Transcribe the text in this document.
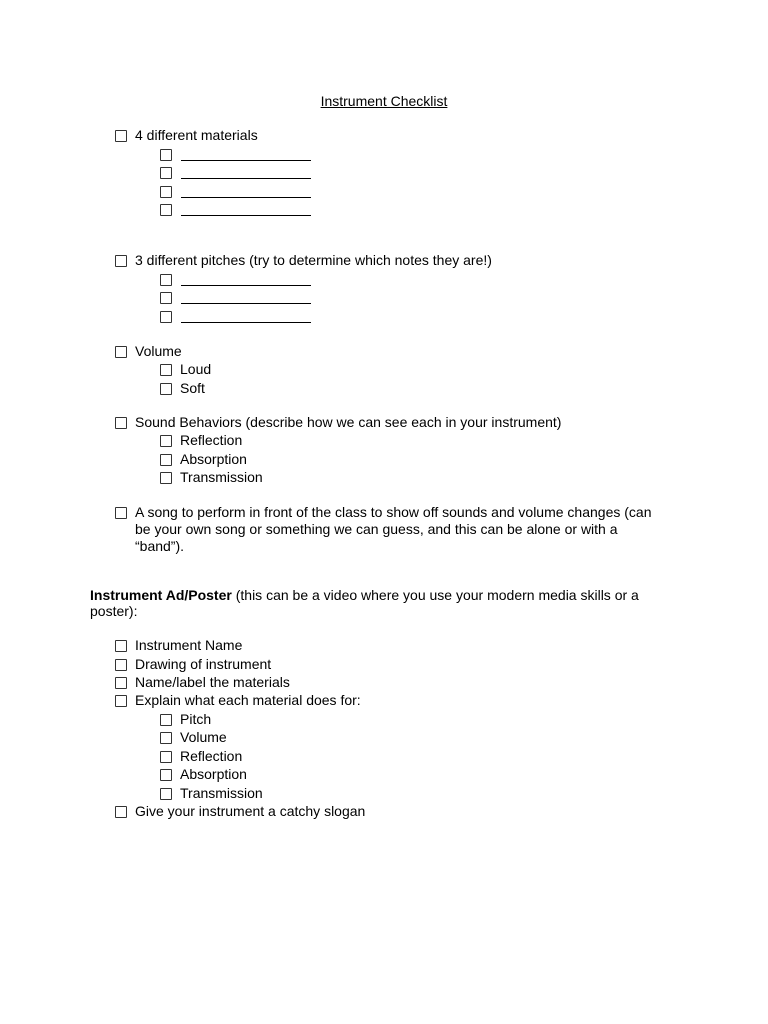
Instrument Checklist
4 different materials
3 different pitches (try to determine which notes they are!)
Volume
Loud
Soft
Sound Behaviors (describe how we can see each in your instrument)
Reflection
Absorption
Transmission
A song to perform in front of the class to show off sounds and volume changes (can be your own song or something we can guess, and this can be alone or with a “band”).
Instrument Ad/Poster (this can be a video where you use your modern media skills or a poster):
Instrument Name
Drawing of instrument
Name/label the materials
Explain what each material does for:
Pitch
Volume
Reflection
Absorption
Transmission
Give your instrument a catchy slogan
